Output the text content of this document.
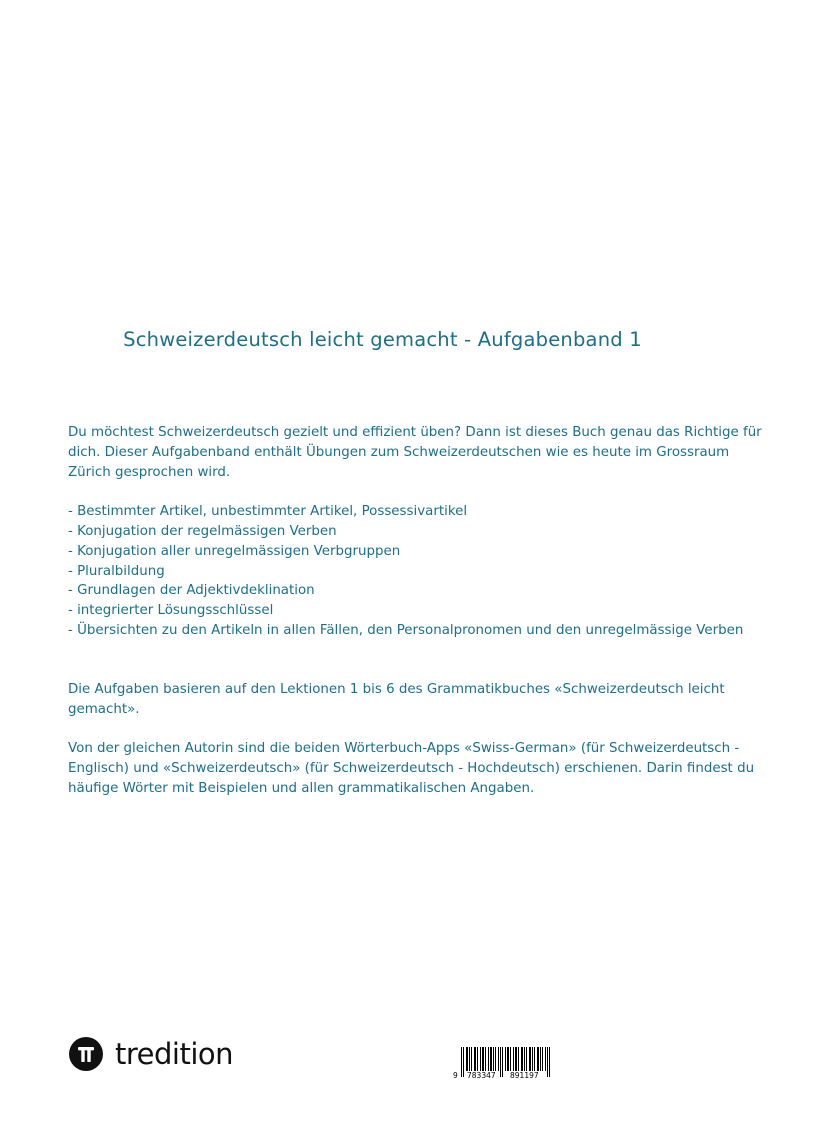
Schweizerdeutsch leicht gemacht - Aufgabenband 1

Du möchtest Schweizerdeutsch gezielt und effizient üben? Dann ist dieses Buch genau das Richtige für dich. Dieser Aufgabenband enthält Übungen zum Schweizerdeutschen wie es heute im Grossraum Zürich gesprochen wird.

- Bestimmter Artikel, unbestimmter Artikel, Possessivartikel
- Konjugation der regelmässigen Verben
- Konjugation aller unregelmässigen Verbgruppen
- Pluralbildung
- Grundlagen der Adjektivdeklination
- integrierter Lösungsschlüssel
- Übersichten zu den Artikeln in allen Fällen, den Personalpronomen und den unregelmässige Verben

Die Aufgaben basieren auf den Lektionen 1 bis 6 des Grammatikbuches «Schweizerdeutsch leicht gemacht».

Von der gleichen Autorin sind die beiden Wörterbuch-Apps «Swiss-German» (für Schweizerdeutsch - Englisch) und «Schweizerdeutsch» (für Schweizerdeutsch - Hochdeutsch) erschienen. Darin findest du häufige Wörter mit Beispielen und allen grammatikalischen Angaben.

tredition
9 783347 891197
